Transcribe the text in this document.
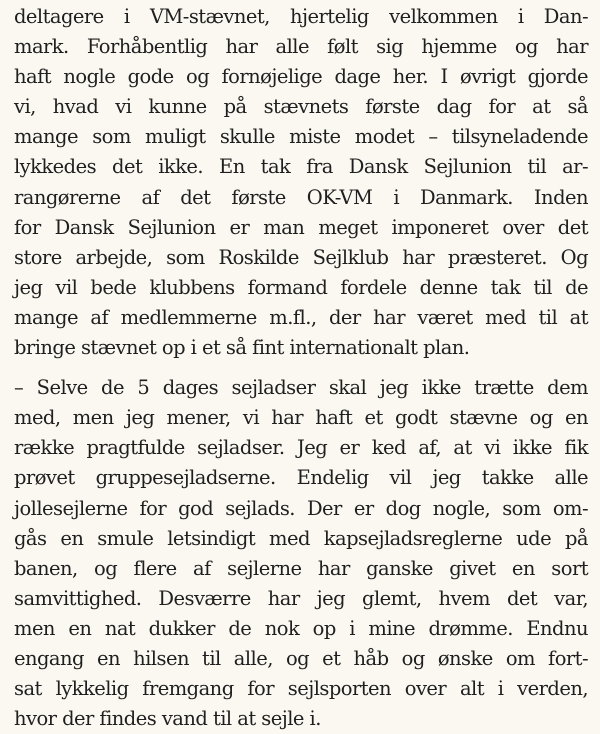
deltagere i VM-stævnet, hjertelig velkommen i Dan-
mark. Forhåbentlig har alle følt sig hjemme og har
haft nogle gode og fornøjelige dage her. I øvrigt gjorde
vi, hvad vi kunne på stævnets første dag for at så
mange som muligt skulle miste modet – tilsyneladende
lykkedes det ikke. En tak fra Dansk Sejlunion til ar-
rangørerne af det første OK-VM i Danmark. Inden
for Dansk Sejlunion er man meget imponeret over det
store arbejde, som Roskilde Sejlklub har præsteret. Og
jeg vil bede klubbens formand fordele denne tak til de
mange af medlemmerne m.fl., der har været med til at
bringe stævnet op i et så fint internationalt plan.
– Selve de 5 dages sejladser skal jeg ikke trætte dem
med, men jeg mener, vi har haft et godt stævne og en
række pragtfulde sejladser. Jeg er ked af, at vi ikke fik
prøvet gruppesejladserne. Endelig vil jeg takke alle
jollesejlerne for god sejlads. Der er dog nogle, som om-
gås en smule letsindigt med kapsejladsreglerne ude på
banen, og flere af sejlerne har ganske givet en sort
samvittighed. Desværre har jeg glemt, hvem det var,
men en nat dukker de nok op i mine drømme. Endnu
engang en hilsen til alle, og et håb og ønske om fort-
sat lykkelig fremgang for sejlsporten over alt i verden,
hvor der findes vand til at sejle i.
